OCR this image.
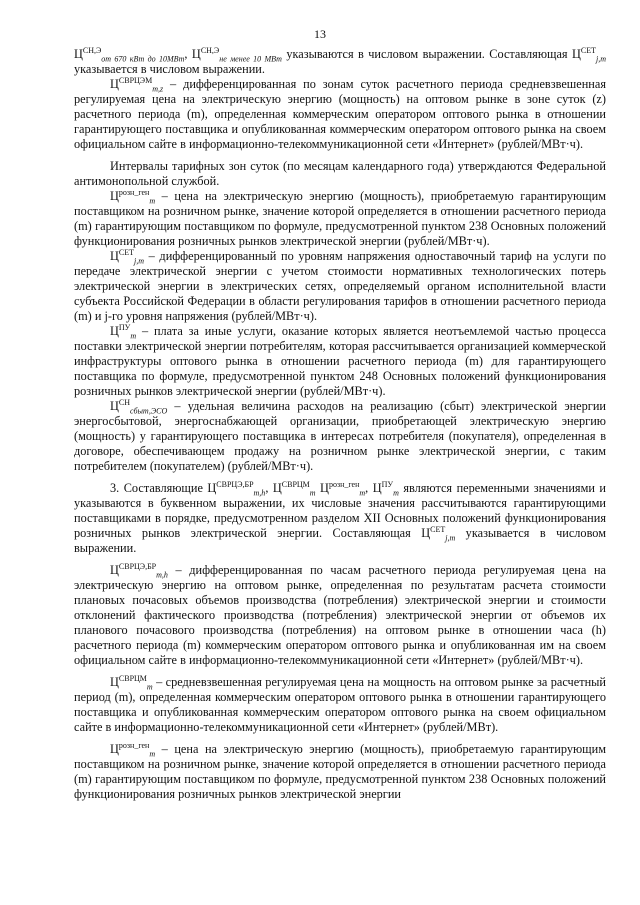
13

$Ц^{СН,Э}_{от 670 кВт до 10МВт}$, $Ц^{СН,Э}_{не менее 10 МВт}$ указываются в числовом выражении. Составляющая $Ц^{СЕТ}_{j,m}$ указывается в числовом выражении.

$Ц^{СВРЦЭМ}_{m,z}$ – дифференцированная по зонам суток расчетного периода средневзвешенная регулируемая цена на электрическую энергию (мощность) на оптовом рынке в зоне суток (z) расчетного периода (m), определенная коммерческим оператором оптового рынка в отношении гарантирующего поставщика и опубликованная коммерческим оператором оптового рынка на своем официальном сайте в информационно-телекоммуникационной сети «Интернет» (рублей/МВт·ч).

Интервалы тарифных зон суток (по месяцам календарного года) утверждаются Федеральной антимонопольной службой.

$Ц^{розн\_ген}_m$ – цена на электрическую энергию (мощность), приобретаемую гарантирующим поставщиком на розничном рынке, значение которой определяется в отношении расчетного периода (m) гарантирующим поставщиком по формуле, предусмотренной пунктом 238 Основных положений функционирования розничных рынков электрической энергии (рублей/МВт·ч).

$Ц^{СЕТ}_{j,m}$ – дифференцированный по уровням напряжения одноставочный тариф на услуги по передаче электрической энергии с учетом стоимости нормативных технологических потерь электрической энергии в электрических сетях, определяемый органом исполнительной власти субъекта Российской Федерации в области регулирования тарифов в отношении расчетного периода (m) и j-го уровня напряжения (рублей/МВт·ч).

$Ц^{ПУ}_m$ – плата за иные услуги, оказание которых является неотъемлемой частью процесса поставки электрической энергии потребителям, которая рассчитывается организацией коммерческой инфраструктуры оптового рынка в отношении расчетного периода (m) для гарантирующего поставщика по формуле, предусмотренной пунктом 248 Основных положений функционирования розничных рынков электрической энергии (рублей/МВт·ч).

$Ц^{СН}_{сбыт,ЭСО}$ – удельная величина расходов на реализацию (сбыт) электрической энергии энергосбытовой, энергоснабжающей организации, приобретающей электрическую энергию (мощность) у гарантирующего поставщика в интересах потребителя (покупателя), определенная в договоре, обеспечивающем продажу на розничном рынке электрической энергии, с таким потребителем (покупателем) (рублей/МВт·ч).

3. Составляющие $Ц^{СВРЦЭ,БР}_{m,h}$, $Ц^{СВРЦМ}_m$ $Ц^{розн\_ген}_m$, $Ц^{ПУ}_m$ являются переменными значениями и указываются в буквенном выражении, их числовые значения рассчитываются гарантирующими поставщиками в порядке, предусмотренном разделом XII Основных положений функционирования розничных рынков электрической энергии. Составляющая $Ц^{СЕТ}_{j,m}$ указывается в числовом выражении.

$Ц^{СВРЦЭ,БР}_{m,h}$ – дифференцированная по часам расчетного периода регулируемая цена на электрическую энергию на оптовом рынке, определенная по результатам расчета стоимости плановых почасовых объемов производства (потребления) электрической энергии и стоимости отклонений фактического производства (потребления) электрической энергии от объемов их планового почасового производства (потребления) на оптовом рынке в отношении часа (h) расчетного периода (m) коммерческим оператором оптового рынка и опубликованная им на своем официальном сайте в информационно-телекоммуникационной сети «Интернет» (рублей/МВт·ч).

$Ц^{СВРЦМ}_m$ – средневзвешенная регулируемая цена на мощность на оптовом рынке за расчетный период (m), определенная коммерческим оператором оптового рынка в отношении гарантирующего поставщика и опубликованная коммерческим оператором оптового рынка на своем официальном сайте в информационно-телекоммуникационной сети «Интернет» (рублей/МВт).

$Ц^{розн\_ген}_m$ – цена на электрическую энергию (мощность), приобретаемую гарантирующим поставщиком на розничном рынке, значение которой определяется в отношении расчетного периода (m) гарантирующим поставщиком по формуле, предусмотренной пунктом 238 Основных положений функционирования розничных рынков электрической энергии
